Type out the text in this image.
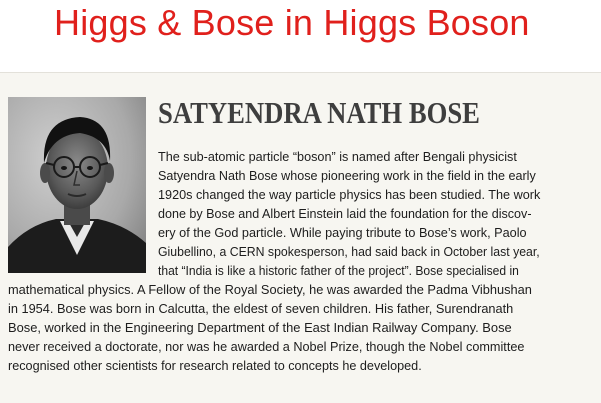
Higgs & Bose in Higgs Boson
SATYENDRA NATH BOSE
The sub-atomic particle “boson” is named after Bengali physicist
Satyendra Nath Bose whose pioneering work in the field in the early
1920s changed the way particle physics has been studied. The work
done by Bose and Albert Einstein laid the foundation for the discov-
ery of the God particle. While paying tribute to Bose’s work, Paolo
Giubellino, a CERN spokesperson, had said back in October last year,
that “India is like a historic father of the project”. Bose specialised in
mathematical physics. A Fellow of the Royal Society, he was awarded the Padma Vibhushan
in 1954. Bose was born in Calcutta, the eldest of seven children. His father, Surendranath
Bose, worked in the Engineering Department of the East Indian Railway Company. Bose
never received a doctorate, nor was he awarded a Nobel Prize, though the Nobel committee
recognised other scientists for research related to concepts he developed.
